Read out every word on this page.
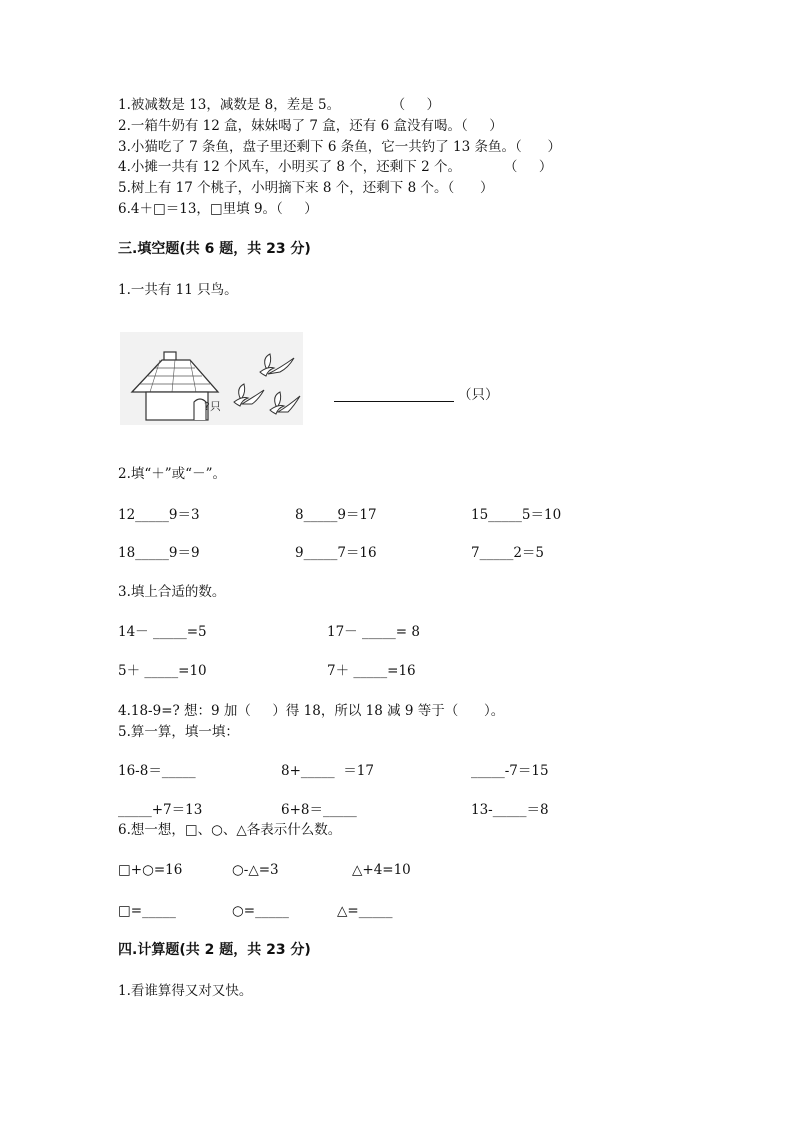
1.被减数是 13，减数是 8，差是 5。            （     ）
2.一箱牛奶有 12 盒，妹妹喝了 7 盒，还有 6 盒没有喝。（     ）
3.小猫吃了 7 条鱼，盘子里还剩下 6 条鱼，它一共钓了 13 条鱼。（      ）
4.小摊一共有 12 个风车，小明买了 8 个，还剩下 2 个。          （     ）
5.树上有 17 个桃子，小明摘下来 8 个，还剩下 8 个。（      ）
6.4＋□＝13，□里填 9。（     ）
三.填空题(共 6 题，共 23 分)
1.一共有 11 只鸟。
?只
（只）
2.填“＋”或“－”。
12_____9＝3	8_____9＝17	15_____5＝10
18_____9＝9	9_____7＝16	7_____2＝5
3.填上合适的数。
14－ _____=5	17－ _____= 8
5＋ _____=10	7＋ _____=16
4.18-9=? 想：9 加（     ）得 18，所以 18 减 9 等于（      ）。
5.算一算，填一填：
16-8＝_____	8+_____  ＝17	_____-7＝15
_____+7＝13	6+8＝_____	13-_____＝8
6.想一想，□、○、△各表示什么数。
□+○=16	○-△=3	△+4=10
□=_____	○=_____	△=_____
四.计算题(共 2 题，共 23 分)
1.看谁算得又对又快。
